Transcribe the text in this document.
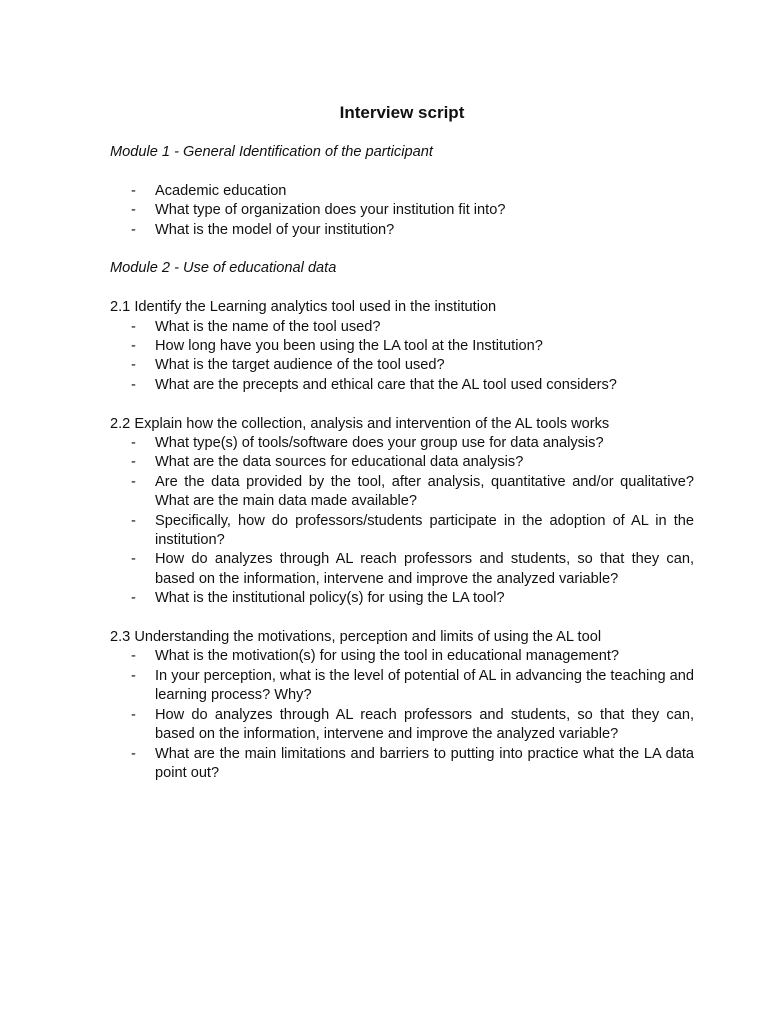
Interview script
Module 1 - General Identification of the participant
- Academic education
- What type of organization does your institution fit into?
- What is the model of your institution?
Module 2 - Use of educational data
2.1 Identify the Learning analytics tool used in the institution
- What is the name of the tool used?
- How long have you been using the LA tool at the Institution?
- What is the target audience of the tool used?
- What are the precepts and ethical care that the AL tool used considers?
2.2 Explain how the collection, analysis and intervention of the AL tools works
- What type(s) of tools/software does your group use for data analysis?
- What are the data sources for educational data analysis?
- Are the data provided by the tool, after analysis, quantitative and/or qualitative? What are the main data made available?
- Specifically, how do professors/students participate in the adoption of AL in the institution?
- How do analyzes through AL reach professors and students, so that they can, based on the information, intervene and improve the analyzed variable?
- What is the institutional policy(s) for using the LA tool?
2.3 Understanding the motivations, perception and limits of using the AL tool
- What is the motivation(s) for using the tool in educational management?
- In your perception, what is the level of potential of AL in advancing the teaching and learning process? Why?
- How do analyzes through AL reach professors and students, so that they can, based on the information, intervene and improve the analyzed variable?
- What are the main limitations and barriers to putting into practice what the LA data point out?
